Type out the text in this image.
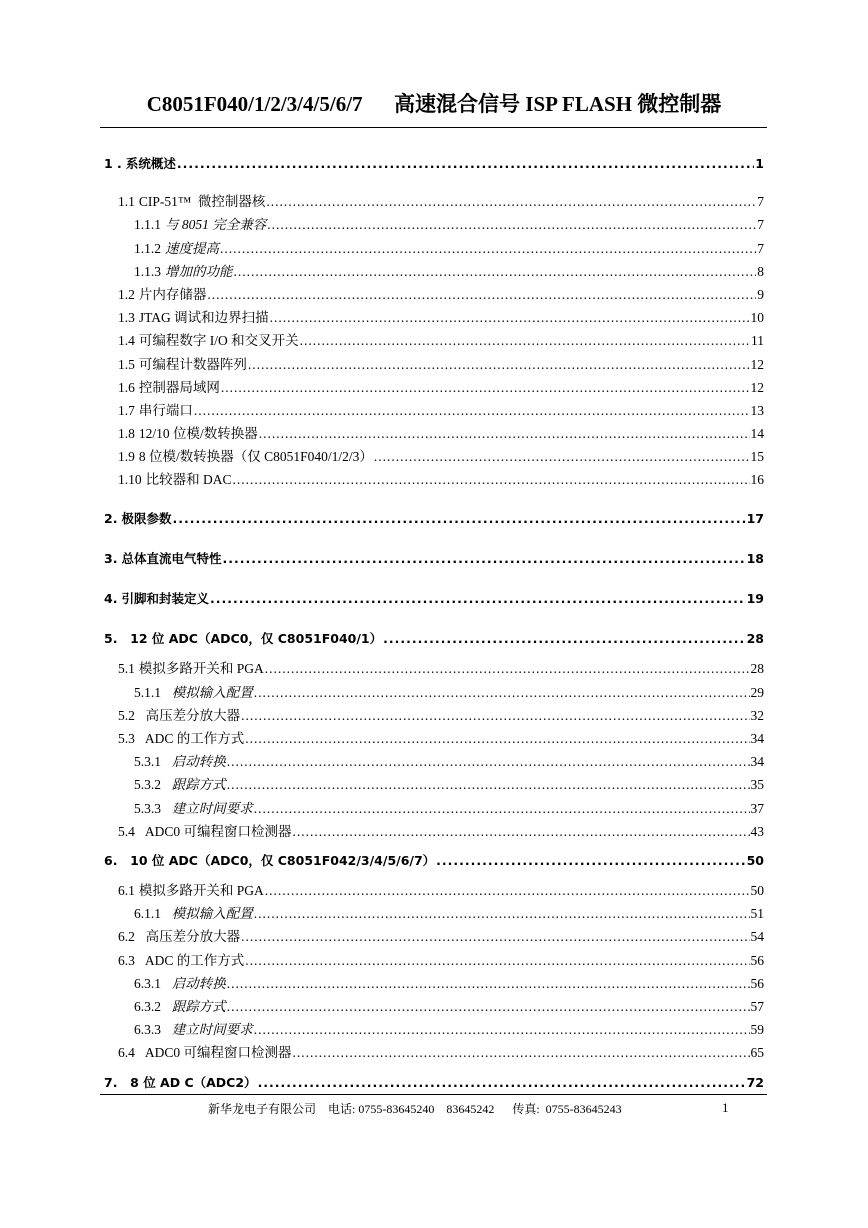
C8051F040/1/2/3/4/5/6/7      高速混合信号 ISP FLASH 微控制器
1 . 系统概述 .....	1
1.1 CIP-51™  微控制器核 .....	7
1.1.1 与 8051 完全兼容 .....	7
1.1.2 速度提高 .....	7
1.1.3 增加的功能 .....	8
1.2 片内存储器 .....	9
1.3 JTAG 调试和边界扫描 .....	10
1.4 可编程数字 I/O 和交叉开关 .....	11
1.5 可编程计数器阵列 .....	12
1.6 控制器局域网 .....	12
1.7 串行端口 .....	13
1.8 12/10 位模/数转换器 .....	14
1.9 8 位模/数转换器（仅 C8051F040/1/2/3） .....	15
1.10 比较器和 DAC .....	16
2. 极限参数 .....	17
3. 总体直流电气特性 .....	18
4. 引脚和封装定义 .....	19
5. 12 位 ADC（ADC0，仅 C8051F040/1） .....	28
5.1 模拟多路开关和 PGA .....	28
5.1.1 模拟输入配置 .....	29
5.2 高压差分放大器 .....	32
5.3 ADC 的工作方式 .....	34
5.3.1 启动转换 .....	34
5.3.2 跟踪方式 .....	35
5.3.3 建立时间要求 .....	37
5.4 ADC0 可编程窗口检测器 .....	43
6. 10 位 ADC（ADC0，仅 C8051F042/3/4/5/6/7） .....	50
6.1 模拟多路开关和 PGA .....	50
6.1.1 模拟输入配置 .....	51
6.2 高压差分放大器 .....	54
6.3 ADC 的工作方式 .....	56
6.3.1 启动转换 .....	56
6.3.2 跟踪方式 .....	57
6.3.3 建立时间要求 .....	59
6.4 ADC0 可编程窗口检测器 .....	65
7. 8 位 AD C（ADC2） .....	72
新华龙电子有限公司    电话: 0755-83645240    83645242      传真:  0755-83645243	1
